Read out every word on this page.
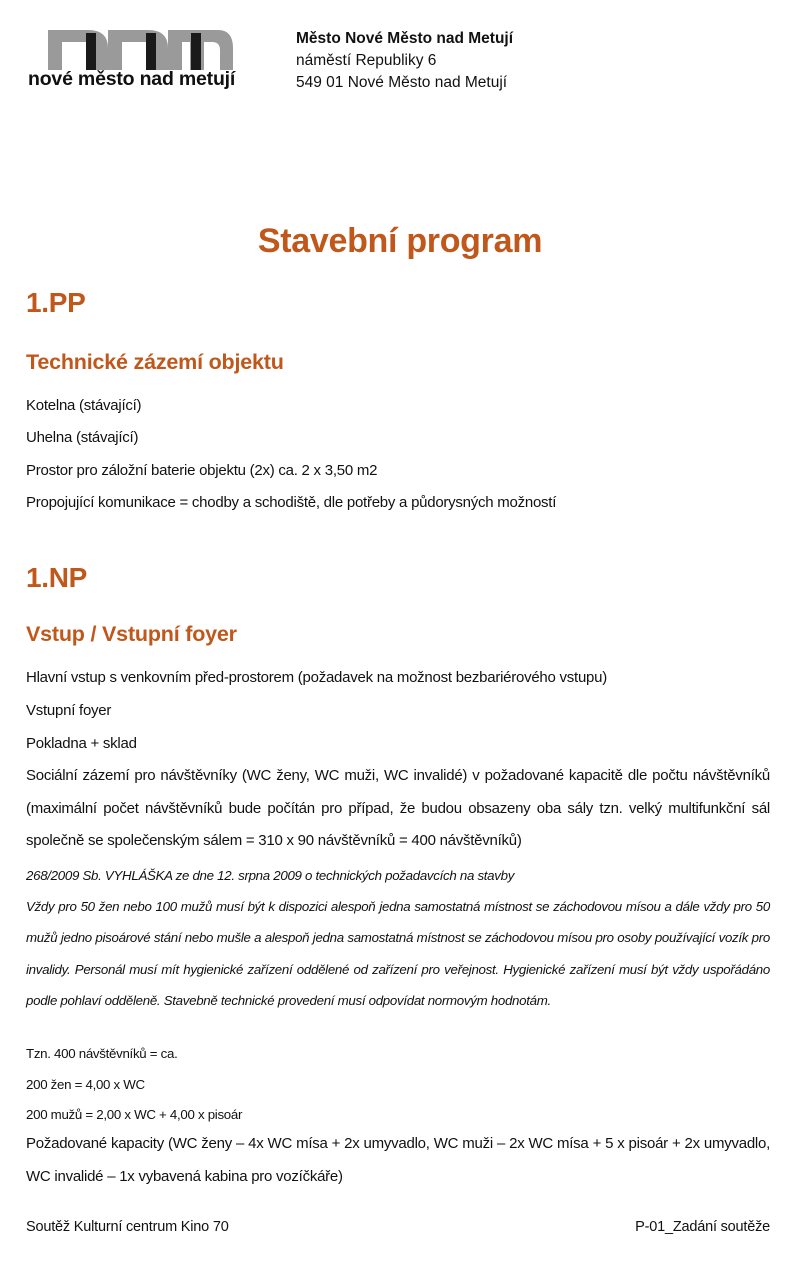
nové město nad metují
Město Nové Město nad Metují
náměstí Republiky 6
549 01 Nové Město nad Metují
Stavební program
1.PP
Technické zázemí objektu
Kotelna (stávající)
Uhelna (stávající)
Prostor pro záložní baterie objektu (2x) ca. 2 x 3,50 m2
Propojující komunikace = chodby a schodiště, dle potřeby a půdorysných možností
1.NP
Vstup / Vstupní foyer
Hlavní vstup s venkovním před-prostorem (požadavek na možnost bezbariérového vstupu)
Vstupní foyer
Pokladna + sklad
Sociální zázemí pro návštěvníky (WC ženy, WC muži, WC invalidé) v požadované kapacitě dle počtu návštěvníků (maximální počet návštěvníků bude počítán pro případ, že budou obsazeny oba sály tzn. velký multifunkční sál společně se společenským sálem = 310 x 90 návštěvníků = 400 návštěvníků)
268/2009 Sb. VYHLÁŠKA ze dne 12. srpna 2009 o technických požadavcích na stavby
Vždy pro 50 žen nebo 100 mužů musí být k dispozici alespoň jedna samostatná místnost se záchodovou mísou a dále vždy pro 50 mužů jedno pisoárové stání nebo mušle a alespoň jedna samostatná místnost se záchodovou mísou pro osoby používající vozík pro invalidy. Personál musí mít hygienické zařízení oddělené od zařízení pro veřejnost. Hygienické zařízení musí být vždy uspořádáno podle pohlaví odděleně. Stavebně technické provedení musí odpovídat normovým hodnotám.
Tzn. 400 návštěvníků = ca.
200 žen = 4,00 x WC
200 mužů = 2,00 x WC + 4,00 x pisoár
Požadované kapacity (WC ženy – 4x WC mísa + 2x umyvadlo, WC muži – 2x WC mísa + 5 x pisoár + 2x umyvadlo, WC invalidé – 1x vybavená kabina pro vozíčkáře)
Soutěž Kulturní centrum Kino 70	P-01_Zadání soutěže
